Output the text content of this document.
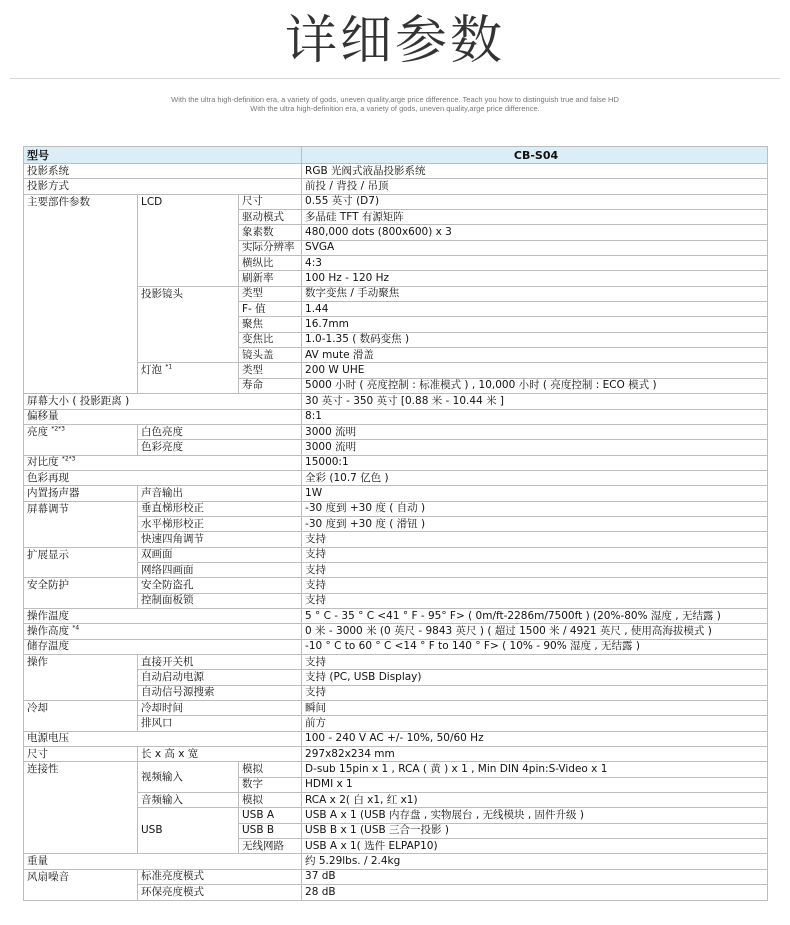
详细参数
With the ultra high-definition era, a variety of gods, uneven quality,arge price difference. Teach you how to distinguish true and false HD
With the ultra high-definition era, a variety of gods, uneven quality,arge price difference.
型号			CB-S04
投影系统			RGB 光阀式液晶投影系统
投影方式			前投 / 背投 / 吊顶
主要部件参数	LCD	尺寸	0.55 英寸 (D7)
		驱动模式	多晶硅 TFT 有源矩阵
		象素数	480,000 dots (800x600) x 3
		实际分辨率	SVGA
		横纵比	4:3
		刷新率	100 Hz - 120 Hz
	投影镜头	类型	数字变焦 / 手动聚焦
		F- 值	1.44
		聚焦	16.7mm
		变焦比	1.0-1.35 ( 数码变焦 )
		镜头盖	AV mute 滑盖
	灯泡 $^{*1}$	类型	200 W UHE
		寿命	5000 小时 ( 亮度控制 : 标准模式 ) , 10,000 小时 ( 亮度控制 : ECO 模式 )
屏幕大小 ( 投影距离 )			30 英寸 - 350 英寸 [0.88 米 - 10.44 米 ]
偏移量			8:1
亮度 $^{*2*3}$	白色亮度		3000 流明
	色彩亮度		3000 流明
对比度 $^{*2*3}$			15000:1
色彩再现			全彩 (10.7 亿色 )
内置扬声器	声音输出		1W
屏幕调节	垂直梯形校正		-30 度到 +30 度 ( 自动 )
	水平梯形校正		-30 度到 +30 度 ( 滑钮 )
	快速四角调节		支持
扩展显示	双画面		支持
	网络四画面		支持
安全防护	安全防盗孔		支持
	控制面板锁		支持
操作温度			5 ° C - 35 ° C <41 ° F - 95° F> ( 0m/ft-2286m/7500ft ) (20%-80% 湿度 , 无结露 )
操作高度 $^{*4}$			0 米 - 3000 米 (0 英尺 - 9843 英尺 ) ( 超过 1500 米 / 4921 英尺 , 使用高海拔模式 )
储存温度			-10 ° C to 60 ° C <14 ° F to 140 ° F> ( 10% - 90% 湿度 , 无结露 )
操作	直接开关机		支持
	自动启动电源		支持 (PC, USB Display)
	自动信号源搜索		支持
冷却	冷却时间		瞬间
	排风口		前方
电源电压			100 - 240 V AC +/- 10%, 50/60 Hz
尺寸	长 x 高 x 宽		297x82x234 mm
连接性	视频输入	模拟	D-sub 15pin x 1 , RCA ( 黄 ) x 1 , Min DIN 4pin:S-Video x 1
		数字	HDMI x 1
	音频输入	模拟	RCA x 2( 白 x1, 红 x1)
	USB	USB A	USB A x 1 (USB 内存盘 , 实物展台 , 无线模块 , 固件升级 )
		USB B	USB B x 1 (USB 三合一投影 )
		无线网路	USB A x 1( 选件 ELPAP10)
重量			约 5.29lbs. / 2.4kg
风扇噪音	标准亮度模式		37 dB
	环保亮度模式		28 dB
